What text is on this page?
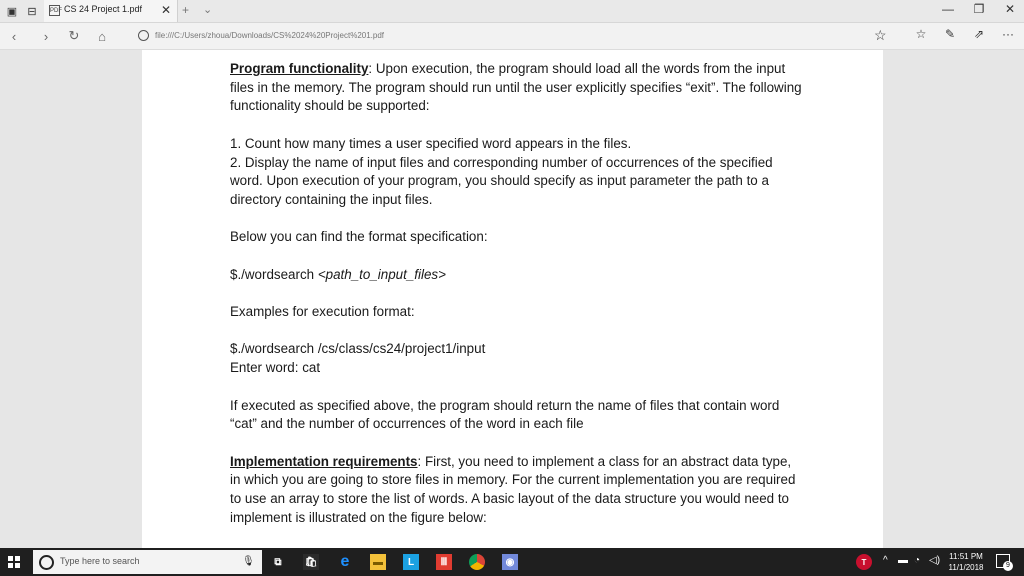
▣ ⊟	PDF CS 24 Project 1.pdf ✕ + ⌄	—	❐	✕
‹	›	↻	⌂	file:///C:/Users/zhoua/Downloads/CS%2024%20Project%201.pdf	☆	☆	✎	⇗	···

Program functionality: Upon execution, the program should load all the words from the input files in the memory. The program should run until the user explicitly specifies “exit”. The following functionality should be supported:

1. Count how many times a user specified word appears in the files.
2. Display the name of input files and corresponding number of occurrences of the specified word. Upon execution of your program, you should specify as input parameter the path to a directory containing the input files.

Below you can find the format specification:

$./wordsearch <path_to_input_files>

Examples for execution format:

$./wordsearch /cs/class/cs24/project1/input
Enter word: cat

If executed as specified above, the program should return the name of files that contain word “cat” and the number of occurrences of the word in each file

Implementation requirements: First, you need to implement a class for an abstract data type, in which you are going to store files in memory. For the current implementation you are required to use an array to store the list of words. A basic layout of the data structure you would need to implement is illustrated on the figure below:

Type here to search	🎙	⧉	🛍 e	▬	L	Ⅲ	◉	T	^ ▬ ◔ ◁)	11:51 PM
11/1/2018	9
